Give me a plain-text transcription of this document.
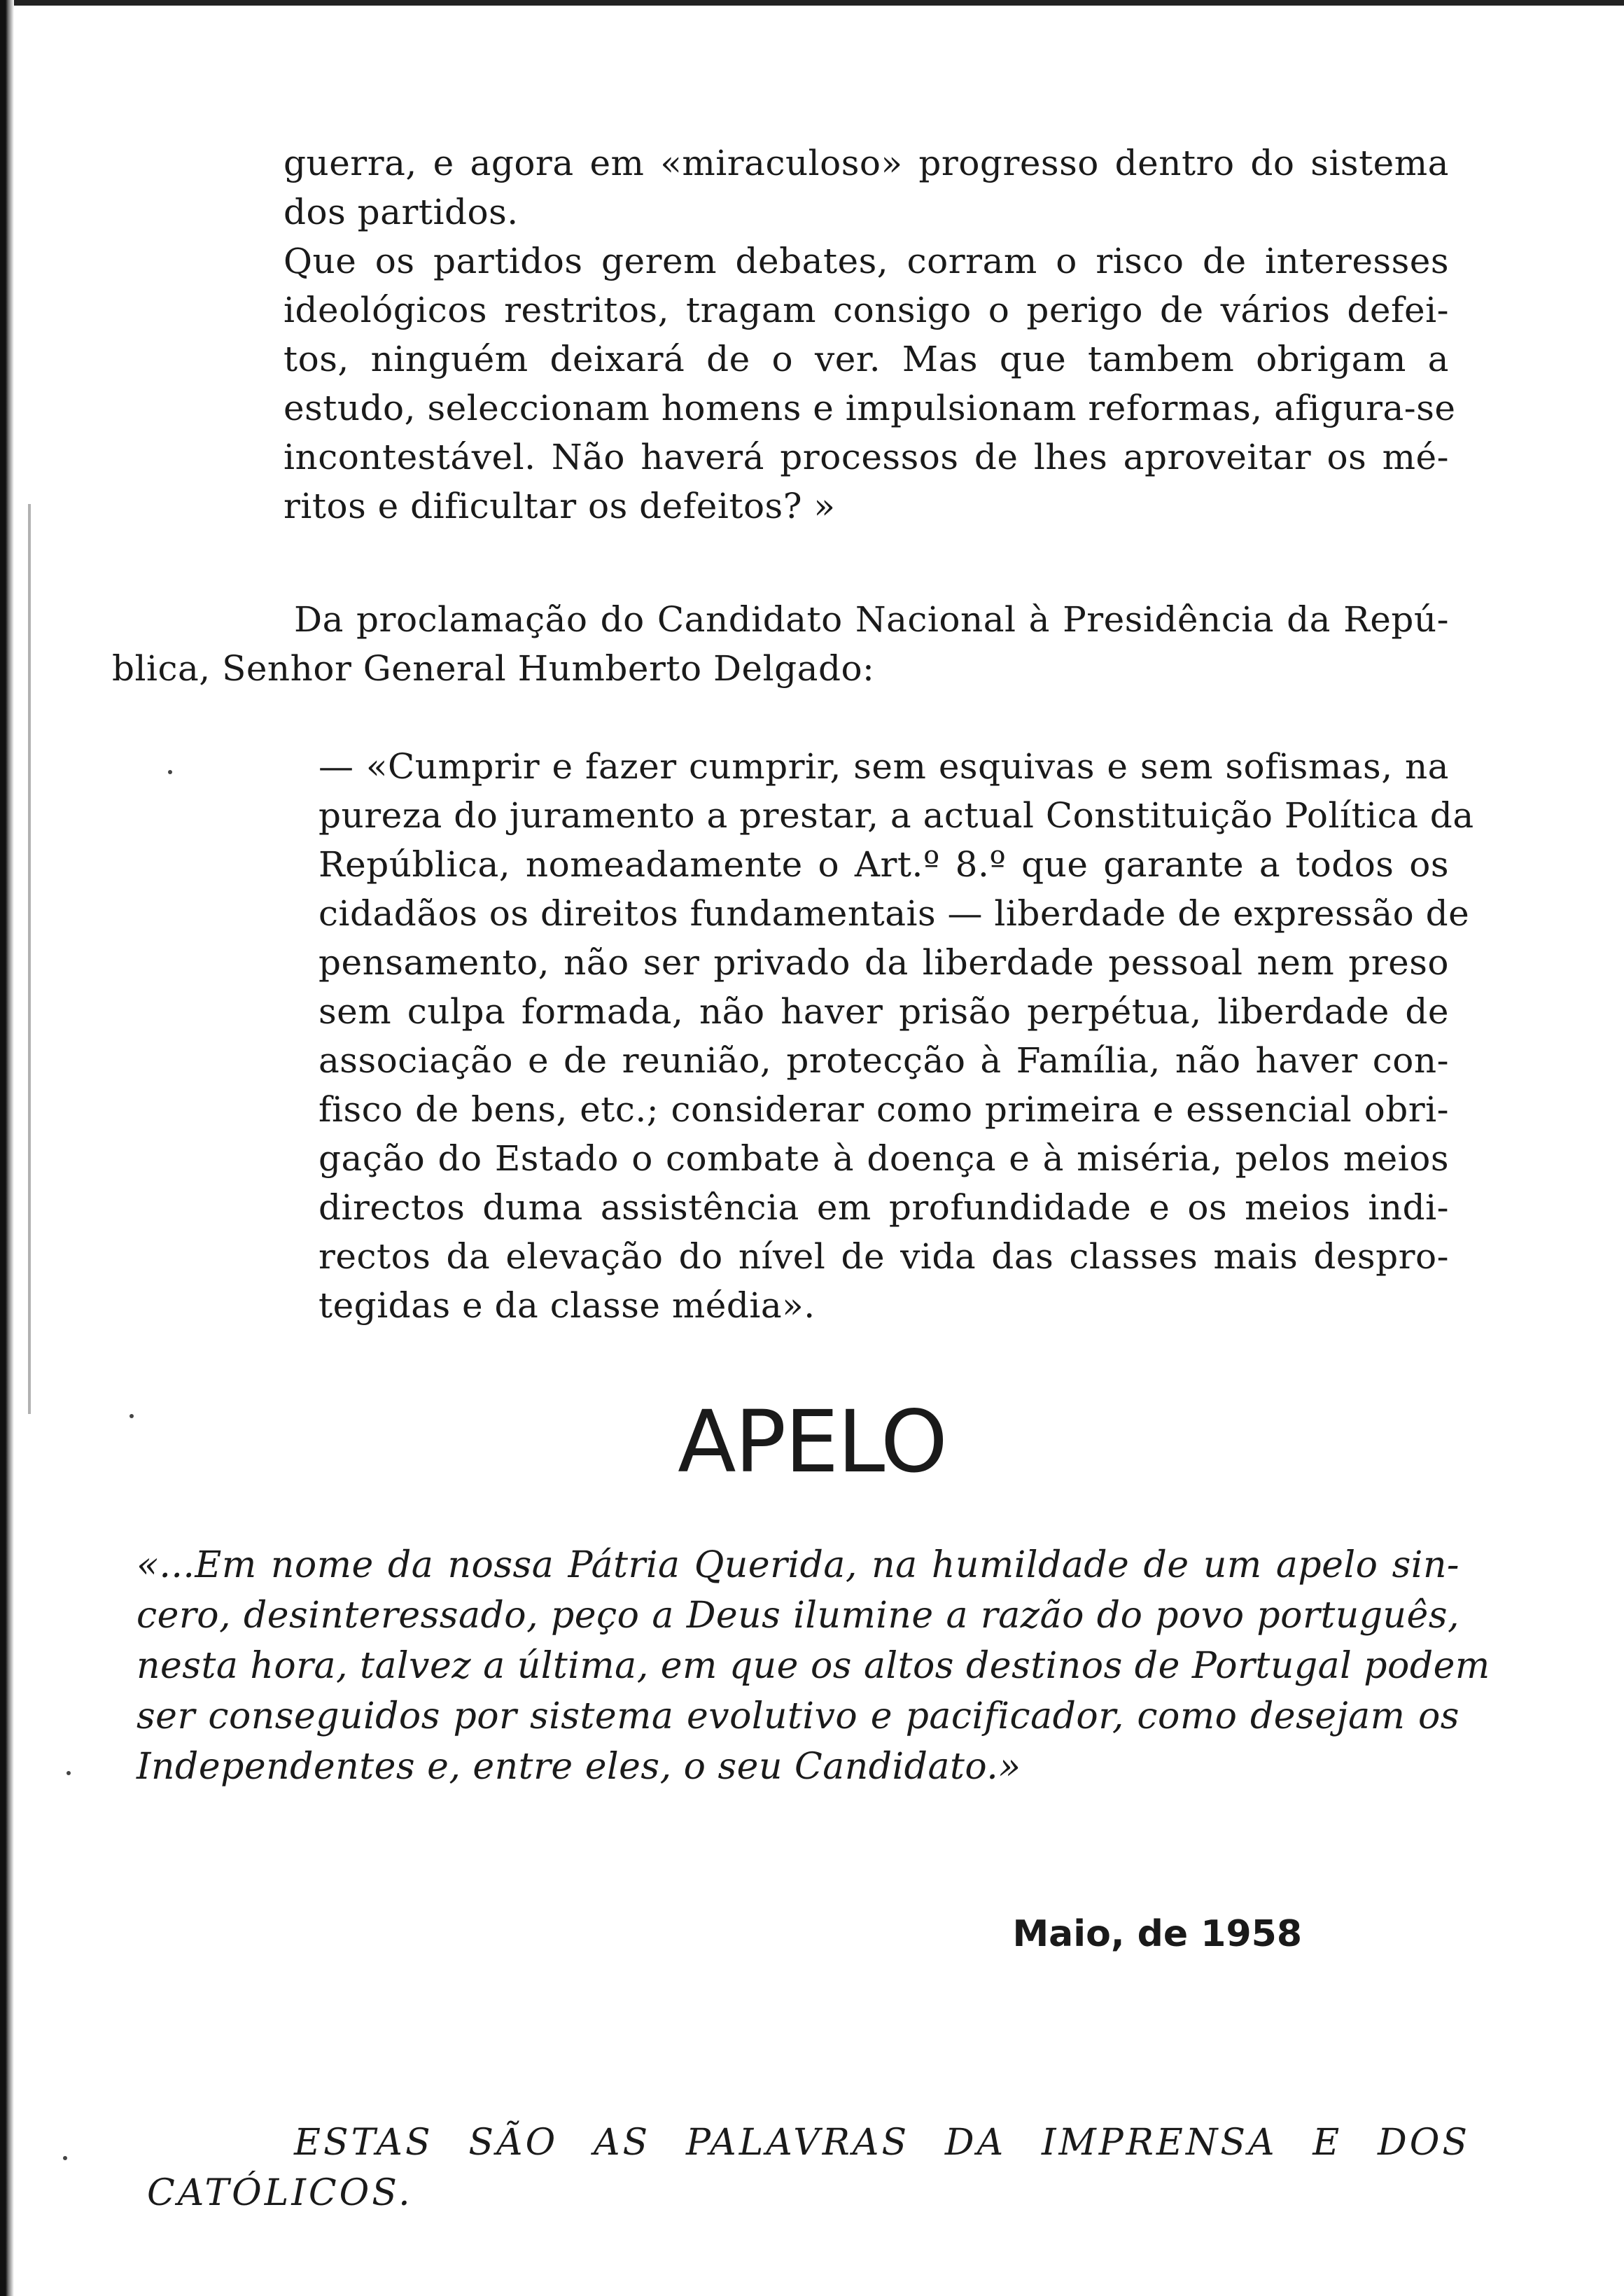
guerra, e agora em «miraculoso» progresso dentro do sistema
dos partidos.
Que os partidos gerem debates, corram o risco de interesses
ideológicos restritos, tragam consigo o perigo de vários defei-
tos, ninguém deixará de o ver. Mas que tambem obrigam a
estudo, seleccionam homens e impulsionam reformas, afigura-se
incontestável. Não haverá processos de lhes aproveitar os mé-
ritos e dificultar os defeitos? »
Da proclamação do Candidato Nacional à Presidência da Repú-
blica, Senhor General Humberto Delgado:
— «Cumprir e fazer cumprir, sem esquivas e sem sofismas, na
pureza do juramento a prestar, a actual Constituição Política da
República, nomeadamente o Art.º 8.º que garante a todos os
cidadãos os direitos fundamentais — liberdade de expressão de
pensamento, não ser privado da liberdade pessoal nem preso
sem culpa formada, não haver prisão perpétua, liberdade de
associação e de reunião, protecção à Família, não haver con-
fisco de bens, etc.; considerar como primeira e essencial obri-
gação do Estado o combate à doença e à miséria, pelos meios
directos duma assistência em profundidade e os meios indi-
rectos da elevação do nível de vida das classes mais despro-
tegidas e da classe média».
APELO
«...Em nome da nossa Pátria Querida, na humildade de um apelo sin-
cero, desinteressado, peço a Deus ilumine a razão do povo português,
nesta hora, talvez a última, em que os altos destinos de Portugal podem
ser conseguidos por sistema evolutivo e pacificador, como desejam os
Independentes e, entre eles, o seu Candidato.»
Maio, de 1958
ESTAS SÃO AS PALAVRAS DA IMPRENSA E DOS
CATÓLICOS.
